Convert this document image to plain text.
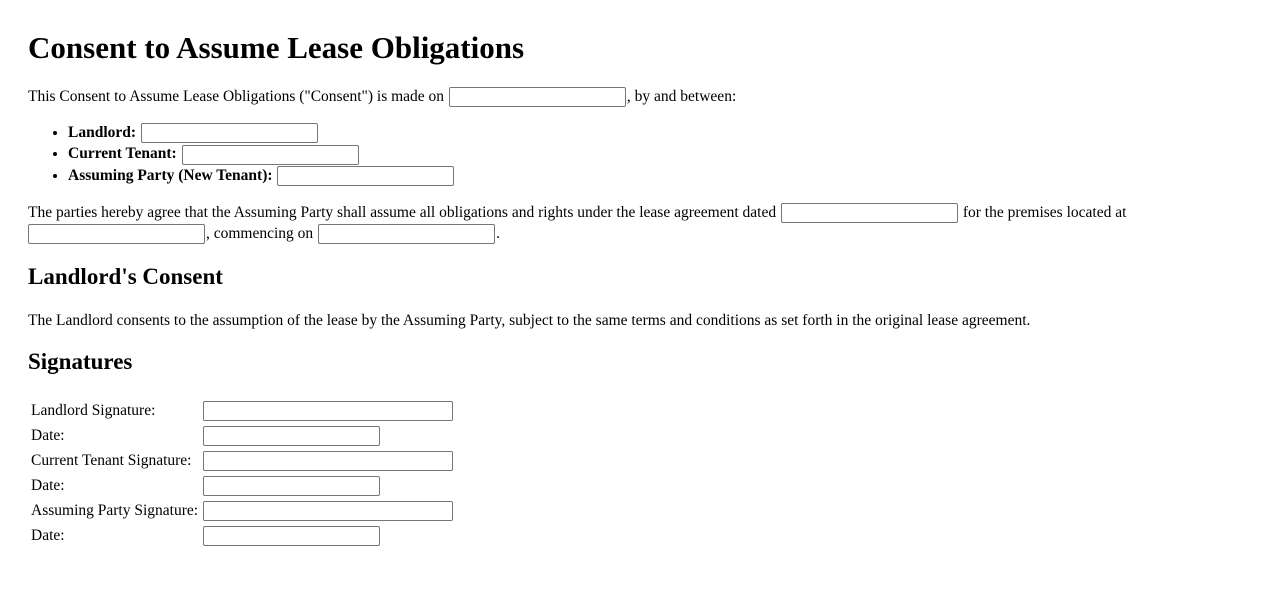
Consent to Assume Lease Obligations
This Consent to Assume Lease Obligations ("Consent") is made on	, by and between:
• Landlord:
• Current Tenant:
• Assuming Party (New Tenant):
The parties hereby agree that the Assuming Party shall assume all obligations and rights under the lease agreement dated	for the premises located at
, commencing on	.
Landlord's Consent
The Landlord consents to the assumption of the lease by the Assuming Party, subject to the same terms and conditions as set forth in the original lease agreement.
Signatures
Landlord Signature:	
Date:	
Current Tenant Signature:	
Date:	
Assuming Party Signature:	
Date:	
